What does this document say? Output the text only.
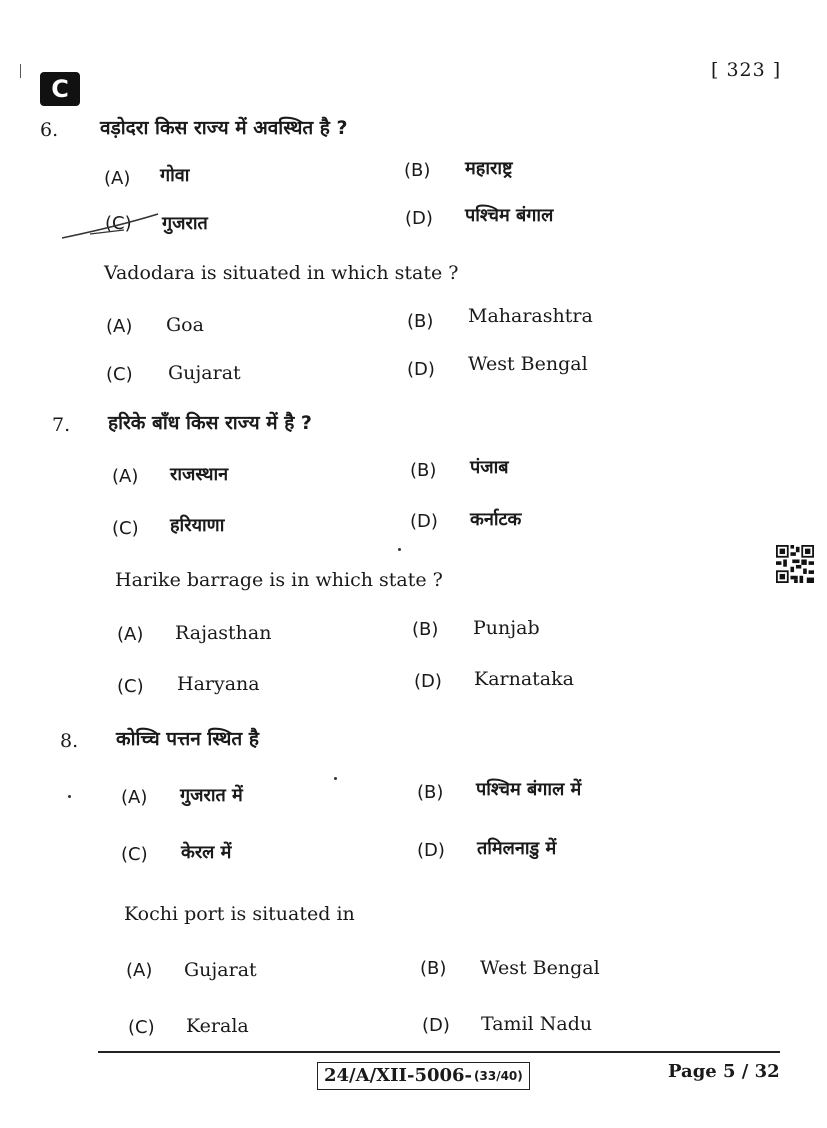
C
[ 323 ]
6. वड़ोदरा किस राज्य में अवस्थित है ?
(A) गोवा	(B) महाराष्ट्र
(C) गुजरात	(D) पश्चिम बंगाल
Vadodara is situated in which state ?
(A) Goa	(B) Maharashtra
(C) Gujarat	(D) West Bengal
7. हरिके बाँध किस राज्य में है ?
(A) राजस्थान	(B) पंजाब
(C) हरियाणा	(D) कर्नाटक
Harike barrage is in which state ?
(A) Rajasthan	(B) Punjab
(C) Haryana	(D) Karnataka
8. कोच्चि पत्तन स्थित है
(A) गुजरात में	(B) पश्चिम बंगाल में
(C) केरल में	(D) तमिलनाडु में
Kochi port is situated in
(A) Gujarat	(B) West Bengal
(C) Kerala	(D) Tamil Nadu
24/A/XII-5006- (33/40)	Page 5 / 32
